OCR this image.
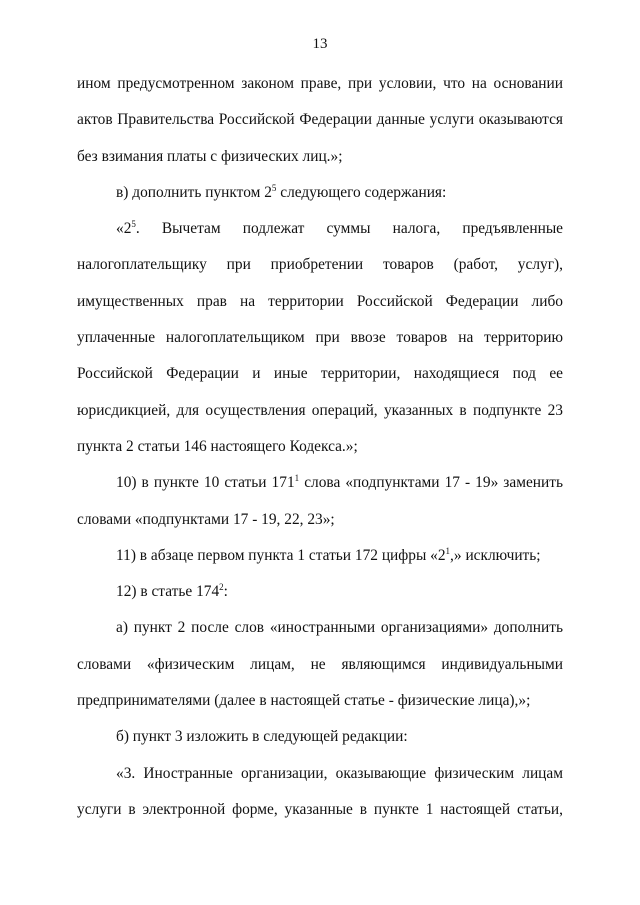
13
ином предусмотренном законом праве, при условии, что на основании
актов Правительства Российской Федерации данные услуги оказываются
без взимания платы с физических лиц.»;
в) дополнить пунктом $2^5$ следующего содержания:
«$2^5$. Вычетам подлежат суммы налога, предъявленные
налогоплательщику при приобретении товаров (работ, услуг),
имущественных прав на территории Российской Федерации либо
уплаченные налогоплательщиком при ввозе товаров на территорию
Российской Федерации и иные территории, находящиеся под ее
юрисдикцией, для осуществления операций, указанных в подпункте 23
пункта 2 статьи 146 настоящего Кодекса.»;
10) в пункте 10 статьи $171^1$ слова «подпунктами 17 - 19» заменить
словами «подпунктами 17 - 19, 22, 23»;
11) в абзаце первом пункта 1 статьи 172 цифры «$2^1$,» исключить;
12) в статье $174^2$:
а) пункт 2 после слов «иностранными организациями» дополнить
словами «физическим лицам, не являющимся индивидуальными
предпринимателями (далее в настоящей статье - физические лица),»;
б) пункт 3 изложить в следующей редакции:
«3. Иностранные организации, оказывающие физическим лицам
услуги в электронной форме, указанные в пункте 1 настоящей статьи,
